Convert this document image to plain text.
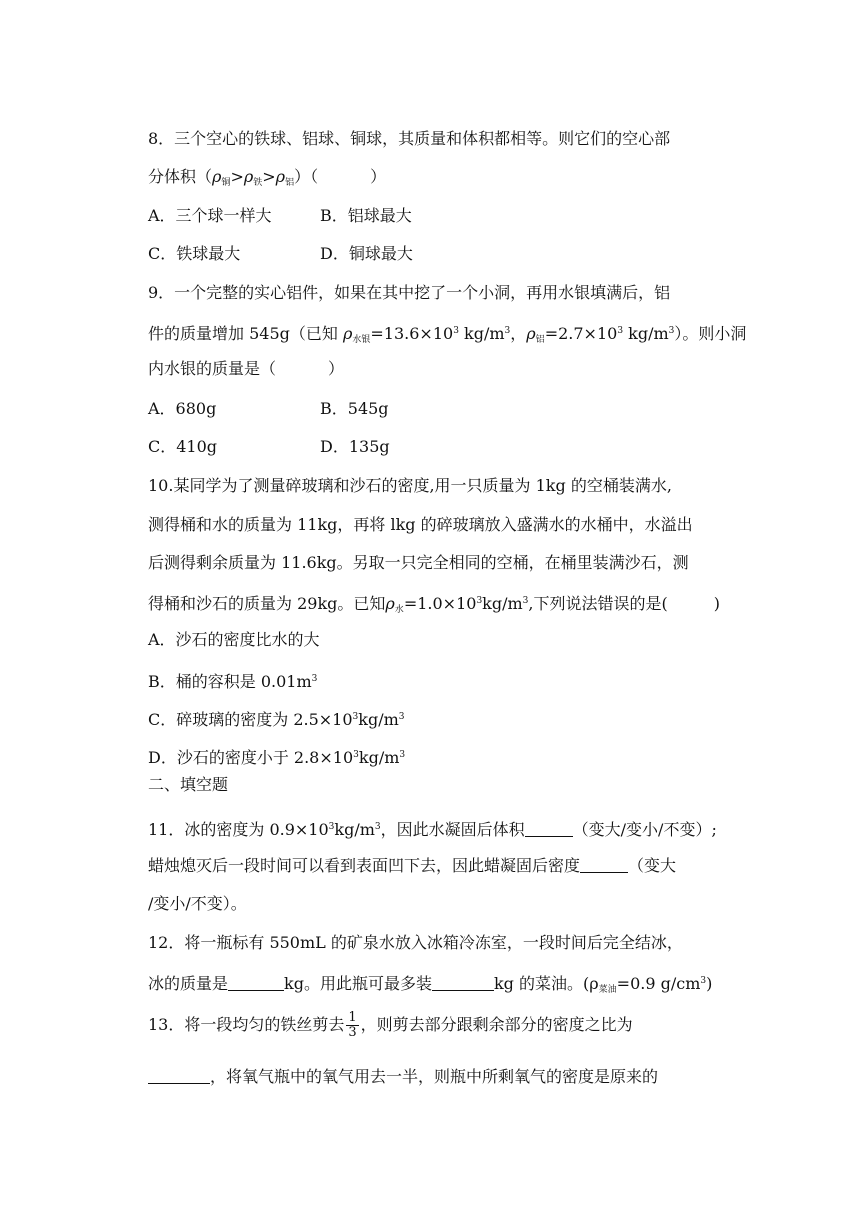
8．三个空心的铁球、铝球、铜球，其质量和体积都相等。则它们的空心部
分体积$(\rho_铜>\rho_铁>\rho_铝)$（	）
A．三个球一样大	B．铝球最大
C．铁球最大	D．铜球最大
9．一个完整的实心铝件，如果在其中挖了一个小洞，再用水银填满后，铝
件的质量增加 545g（已知 $\rho_{水银}=13.6\times 10^3$ $kg/m^3$，$\rho_铝=2.7\times 10^3$ $kg/m^3$）。则小洞
内水银的质量是（	）
A．680g	B．545g
C．410g	D．135g
10.某同学为了测量碎玻璃和沙石的密度,用一只质量为 1kg 的空桶装满水,
测得桶和水的质量为 11kg，再将 lkg 的碎玻璃放入盛满水的水桶中，水溢出
后测得剩余质量为 11.6kg。另取一只完全相同的空桶，在桶里装满沙石，测
得桶和沙石的质量为 29kg。已知$\rho_水=1.0\times 10^3kg/m^3$,下列说法错误的是(	)
A．沙石的密度比水的大
B．桶的容积是 $0.01m^3$
C．碎玻璃的密度为 $2.5\times 10^3kg/m^3$
D．沙石的密度小于 $2.8\times 10^3kg/m^3$
二、填空题
11．冰的密度为 $0.9\times 10^3kg/m^3$，因此水凝固后体积	（变大/变小/不变）;
蜡烛熄灭后一段时间可以看到表面凹下去，因此蜡凝固后密度	（变大
/变小/不变）。
12．将一瓶标有 550mL 的矿泉水放入冰箱冷冻室，一段时间后完全结冰，
冰的质量是	kg。用此瓶可最多装	kg 的菜油。($\rho_{菜油}=0.9$ $g/cm^3$)
13．将一段均匀的铁丝剪去 $\frac{1}{3}$ ，则剪去部分跟剩余部分的密度之比为
，将氧气瓶中的氧气用去一半，则瓶中所剩氧气的密度是原来的
